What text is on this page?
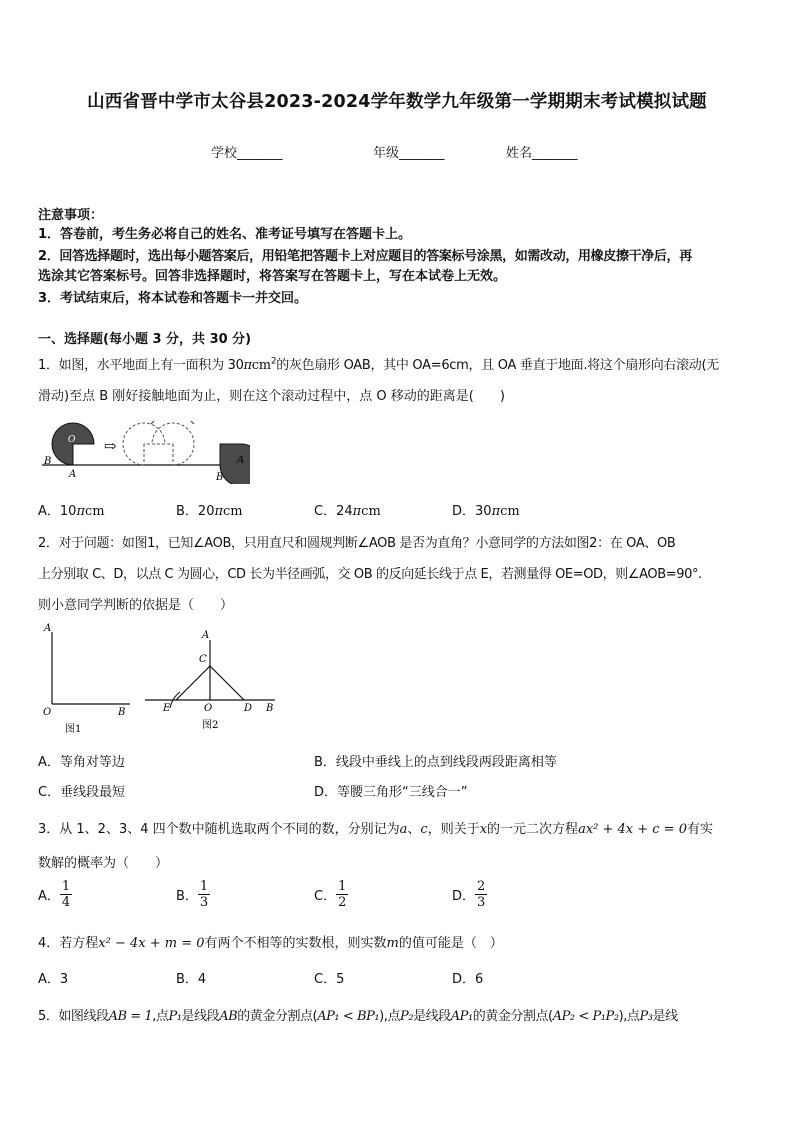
山西省晋中学市太谷县2023-2024学年数学九年级第一学期期末考试模拟试题
学校_______	年级_______	姓名_______
注意事项：
1．答卷前，考生务必将自己的姓名、准考证号填写在答题卡上。
2．回答选择题时，选出每小题答案后，用铅笔把答题卡上对应题目的答案标号涂黑，如需改动，用橡皮擦干净后，再
选涂其它答案标号。回答非选择题时，将答案写在答题卡上，写在本试卷上无效。
3．考试结束后，将本试卷和答题卡一并交回。
一、选择题(每小题 3 分，共 30 分)
1．如图，水平地面上有一面积为 30πcm$^2$的灰色扇形 OAB，其中 OA=6cm，且 OA 垂直于地面.将这个扇形向右滚动(无
滑动)至点 B 刚好接触地面为止，则在这个滚动过程中，点 O 移动的距离是(　　)
O
B
A
⇨	O
A
B
A．10πcm	B．20πcm	C．24πcm	D．30πcm
2．对于问题：如图1，已知∠AOB，只用直尺和圆规判断∠AOB 是否为直角？小意同学的方法如图2：在 OA、OB
上分别取 C、D，以点 C 为圆心，CD 长为半径画弧，交 OB 的反向延长线于点 E，若测量得 OE=OD，则∠AOB=90°.
则小意同学判断的依据是（　　）
A
O	B
图1
A
C
E	O	D B
图2
A．等角对等边	B．线段中垂线上的点到线段两段距离相等
C．垂线段最短	D．等腰三角形“三线合一”
3．从 1、2、3、4 四个数中随机选取两个不同的数，分别记为a、c，则关于x的一元二次方程ax² + 4x + c = 0有实
数解的概率为（　　）
A． $\frac{1}{4}$	B． $\frac{1}{3}$	C． $\frac{1}{2}$	D． $\frac{2}{3}$
4．若方程x² − 4x + m = 0有两个不相等的实数根，则实数m的值可能是（　）
A．3	B．4	C．5	D．6
5．如图线段AB = 1,点P₁是线段AB的黄金分割点(AP₁ < BP₁),点P₂是线段AP₁的黄金分割点(AP₂ < P₁P₂),点P₃是线
